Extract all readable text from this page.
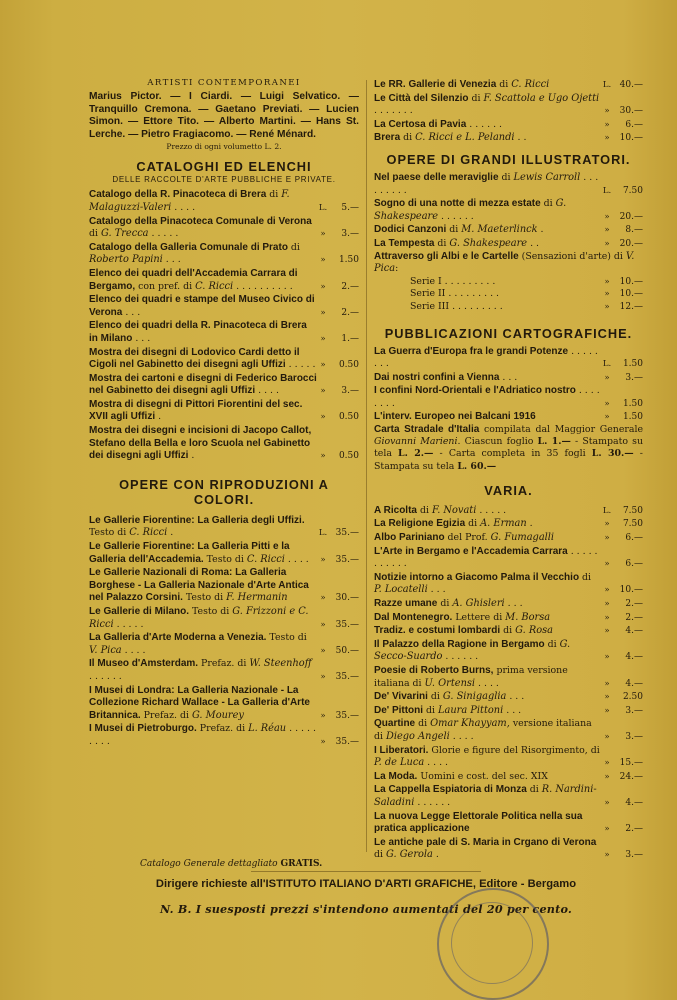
ARTISTI CONTEMPORANEI
Marius Pictor. — I Ciardi. — Luigi Selvatico. — Tranquillo Cremona. — Gaetano Previati. — Lucien Simon. — Ettore Tito. — Alberto Martini. — Hans St. Lerche. — Pietro Fragiacomo. — René Ménard.
Prezzo di ogni volumetto L. 2.
CATALOGHI ED ELENCHI
DELLE RACCOLTE D'ARTE PUBBLICHE E PRIVATE.
Catalogo della R. Pinacoteca di Brera di F. Malaguzzi-Valeri . . . .	L.	5.—
Catalogo della Pinacoteca Comunale di Verona di G. Trecca . . . . .	»	3.—
Catalogo della Galleria Comunale di Prato di Roberto Papini . . .	»	1.50
Elenco dei quadri dell'Accademia Carrara di Bergamo, con pref. di C. Ricci . . . . . . . . . .	»	2.—
Elenco dei quadri e stampe del Museo Civico di Verona . . .	»	2.—
Elenco dei quadri della R. Pinacoteca di Brera in Milano . . .	»	1.—
Mostra dei disegni di Lodovico Cardi detto il Cigoli nel Gabinetto dei disegni agli Uffizi . . . . . »	0.50
Mostra dei cartoni e disegni di Federico Barocci nel Gabinetto dei disegni agli Uffizi . . . .	»	3.—
Mostra di disegni di Pittori Fiorentini del sec. XVII agli Uffizi .	»	0.50
Mostra dei disegni e incisioni di Jacopo Callot, Stefano della Bella e loro Scuola nel Gabinetto dei disegni agli Uffizi .	»	0.50
OPERE CON RIPRODUZIONI A COLORI.
Le Gallerie Fiorentine: La Galleria degli Uffizi. Testo di C. Ricci .	L. 35.—
Le Gallerie Fiorentine: La Galleria Pitti e la Galleria dell'Accademia. Testo di C. Ricci . . . .	»	35.—
Le Gallerie Nazionali di Roma: La Galleria Borghese - La Galleria Nazionale d'Arte Antica nel Palazzo Corsini. Testo di F. Hermanin	»	30.—
Le Gallerie di Milano. Testo di G. Frizzoni e C. Ricci . . . . .	»	35.—
La Galleria d'Arte Moderna a Venezia. Testo di V. Pica . . . .	»	50.—
Il Museo d'Amsterdam. Prefaz. di W. Steenhoff . . . . . .	»	35.—
I Musei di Londra: La Galleria Nazionale - La Collezione Richard Wallace - La Galleria d'Arte Britannica. Prefaz. di G. Mourey	»	35.—
I Musei di Pietroburgo. Prefaz. di L. Réau . . . . . . . . .	»	35.—
Le RR. Gallerie di Venezia di C. Ricci	L. 40.—
Le Città del Silenzio di F. Scattola e Ugo Ojetti . . . . . . .	»	30.—
La Certosa di Pavia . . . . . .	»	6.—
Brera di C. Ricci e L. Pelandi . .	»	10.—
OPERE DI GRANDI ILLUSTRATORI.
Nel paese delle meraviglie di Lewis Carroll . . . . . . . . .	L.	7.50
Sogno di una notte di mezza estate di G. Shakespeare . . . . . .	»	20.—
Dodici Canzoni di M. Maeterlinck .	»	8.—
La Tempesta di G. Shakespeare . .	»	20.—
Attraverso gli Albi e le Cartelle (Sensazioni d'arte) di V. Pica:
Serie I . . . . . . . . .	»	10.—
Serie II . . . . . . . . .	»	10.—
Serie III . . . . . . . . .	»	12.—
PUBBLICAZIONI CARTOGRAFICHE.
La Guerra d'Europa fra le grandi Potenze . . . . . . . .	L.	1.50
Dai nostri confini a Vienna . . .	»	3.—
I confini Nord-Orientali e l'Adriatico nostro . . . . . . . .	»	1.50
L'interv. Europeo nei Balcani 1916	»	1.50
Carta Stradale d'Italia compilata dal Maggior Generale Giovanni Marieni. Ciascun foglio L. 1.— - Stampato su tela L. 2.— - Carta completa in 35 fogli L. 30.— - Stampata su tela L. 60.—
VARIA.
A Ricolta di F. Novati . . . . .	L.	7.50
La Religione Egizia di A. Erman .	»	7.50
Albo Pariniano del Prof. G. Fumagalli	»	6.—
L'Arte in Bergamo e l'Accademia Carrara . . . . . . . . . . .	»	6.—
Notizie intorno a Giacomo Palma il Vecchio di P. Locatelli . . .	»	10.—
Razze umane di A. Ghisleri . . .	»	2.—
Dal Montenegro. Lettere di M. Borsa	»	2.—
Tradiz. e costumi lombardi di G. Rosa	»	4.—
Il Palazzo della Ragione in Bergamo di G. Secco-Suardo . . . . . .	»	4.—
Poesie di Roberto Burns, prima versione italiana di U. Ortensi . . . .	»	4.—
De' Vivarini di G. Sinigaglia . . .	»	2.50
De' Pittoni di Laura Pittoni . . .	»	3.—
Quartine di Omar Khayyam, versione italiana di Diego Angeli . . . .	»	3.—
I Liberatori. Glorie e figure del Risorgimento, di P. de Luca . . . .	»	15.—
La Moda. Uomini e cost. del sec. XIX	»	24.—
La Cappella Espiatoria di Monza di R. Nardini-Saladini . . . . . .	»	4.—
La nuova Legge Elettorale Politica nella sua pratica applicazione	»	2.—
Le antiche pale di S. Maria in Crgano di Verona di G. Gerola .	»	3.—
Catalogo Generale dettagliato GRATIS.
Dirigere richieste all'ISTITUTO ITALIANO D'ARTI GRAFICHE, Editore - Bergamo
N. B. I suesposti prezzi s'intendono aumentati del 20 per cento.
